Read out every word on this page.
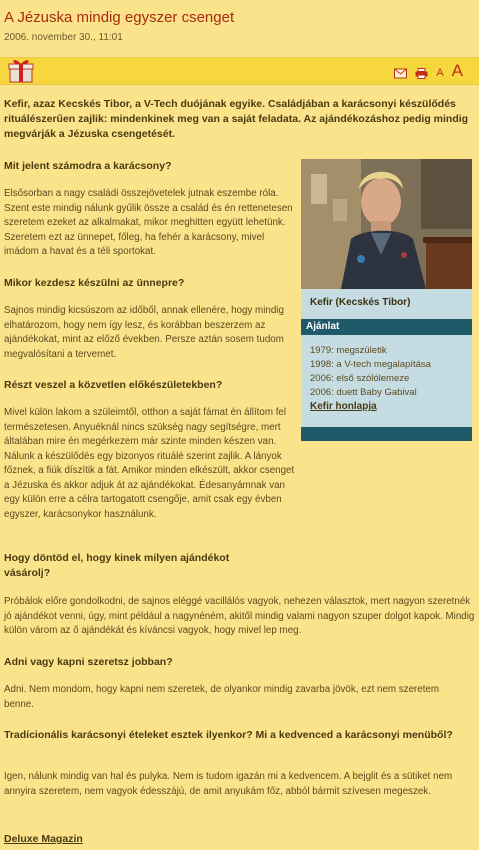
A Jézuska mindig egyszer csenget
2006. november 30., 11:01
A A
Kefir, azaz Kecskés Tibor, a V-Tech duójának egyike. Családjában a karácsonyi készülődés rituálészerűen zajlik: mindenkinek meg van a saját feladata. Az ajándékozáshoz pedig mindig megvárják a Jézuska csengetését.
Mit jelent számodra a karácsony?
Elsősorban a nagy családi összejövetelek jutnak eszembe róla. Szent este mindig nálunk gyűlik össze a család és én rettenetesen szeretem ezeket az alkalmakat, mikor meghitten együtt lehetünk. Szeretem ezt az ünnepet, főleg, ha fehér a karácsony, mivel imádom a havat és a téli sportokat.
Mikor kezdesz készülni az ünnepre?
Sajnos mindig kicsúszom az időből, annak ellenére, hogy mindig elhatározom, hogy nem így lesz, és korábban beszerzem az ajándékokat, mint az előző években. Persze aztán sosem tudom megvalósítani a tervemet.
Részt veszel a közvetlen előkészületekben?
Mivel külön lakom a szüleimtől, otthon a saját fámat én állítom fel természetesen. Anyuéknál nincs szükség nagy segítségre, mert általában mire én megérkezem már szinte minden készen van. Nálunk a készülődés egy bizonyos rituálé szerint zajlik. A lányok főznek, a fiúk díszítik a fát. Amikor minden elkészült, akkor csenget a Jézuska és akkor adjuk át az ajándékokat. Édesanyámnak van egy külön erre a célra tartogatott csengője, amit csak egy évben egyszer, karácsonykor használunk.
Hogy döntöd el, hogy kinek milyen ajándékot vásárolj?
Próbálok előre gondolkodni, de sajnos eléggé vacillálós vagyok, nehezen választok, mert nagyon szeretnék jó ajándékot venni, úgy, mint például a nagynéném, akitől mindig valami nagyon szuper dolgot kapok. Mindig külön várom az ő ajándékát és kíváncsi vagyok, hogy mivel lep meg.
Adni vagy kapni szeretsz jobban?
Adni. Nem mondom, hogy kapni nem szeretek, de olyankor mindig zavarba jövök, ezt nem szeretem benne.
Tradícionális karácsonyi ételeket esztek ilyenkor? Mi a kedvenced a karácsonyi menüből?
Igen, nálunk mindig van hal és pulyka. Nem is tudom igazán mi a kedvencem. A bejglit és a sütiket nem annyira szeretem, nem vagyok édesszájú, de amit anyukám főz, abból bármit szívesen megeszek.
Deluxe Magazin
Kefir (Kecskés Tibor)
Ajánlat
1979: megszületik
1998: a V-tech megalapítása
2006: első szólólemeze
2006: duett Baby Gabival
Kefir honlapja
